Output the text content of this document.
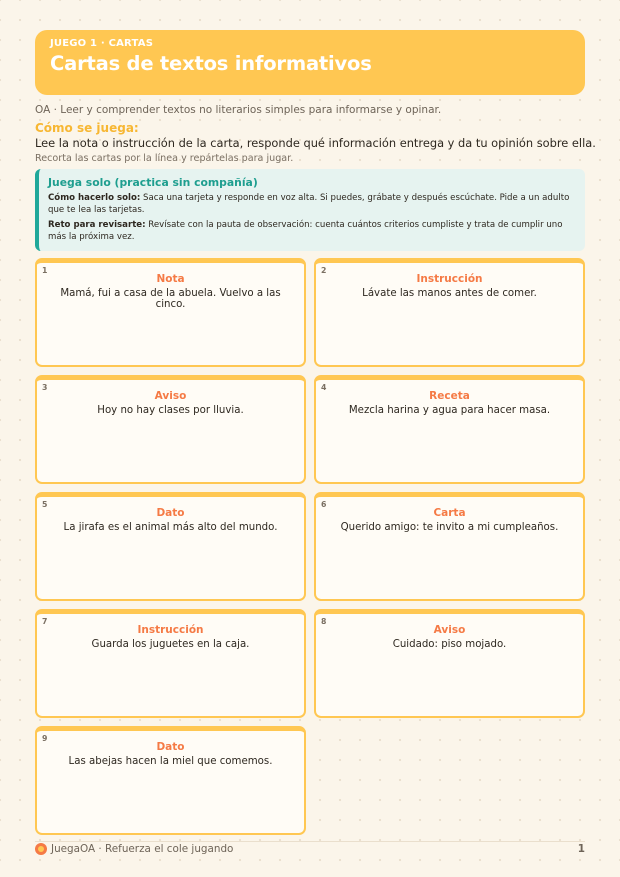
JUEGO 1 · CARTAS
Cartas de textos informativos
OA · Leer y comprender textos no literarios simples para informarse y opinar.
Cómo se juega:
Lee la nota o instrucción de la carta, responde qué información entrega y da tu opinión sobre ella.
Recorta las cartas por la línea y repártelas para jugar.
Juega solo (practica sin compañía)

Cómo hacerlo solo: Saca una tarjeta y responde en voz alta. Si puedes, grábate y después escúchate. Pide a un adulto que te lea las tarjetas.

Reto para revisarte: Revísate con la pauta de observación: cuenta cuántos criterios cumpliste y trata de cumplir uno más la próxima vez.

1
Nota
Mamá, fui a casa de la abuela. Vuelvo a las cinco.
2
Instrucción
Lávate las manos antes de comer.
3
Aviso
Hoy no hay clases por lluvia.
4
Receta
Mezcla harina y agua para hacer masa.
5
Dato
La jirafa es el animal más alto del mundo.
6
Carta
Querido amigo: te invito a mi cumpleaños.
7
Instrucción
Guarda los juguetes en la caja.
8
Aviso
Cuidado: piso mojado.
9
Dato
Las abejas hacen la miel que comemos.
JuegaOA · Refuerza el cole jugando	1
